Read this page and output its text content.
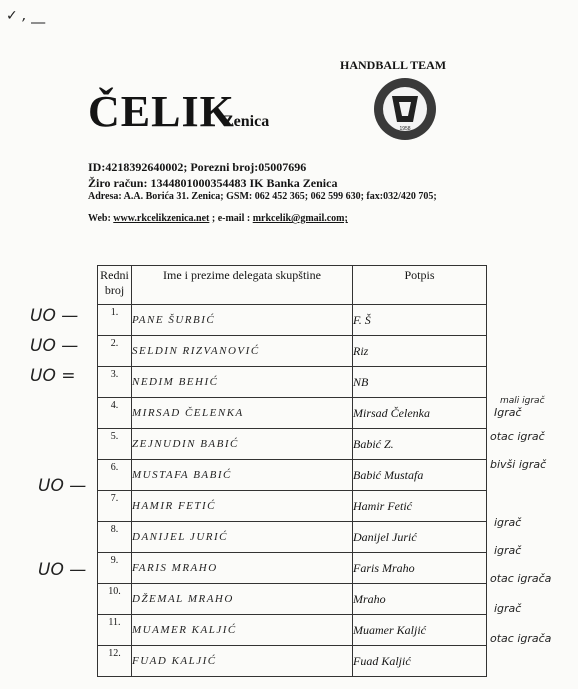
✓ , __
HANDBALL TEAM
ČELIK
Zenica	1958
ID:4218392640002; Porezni broj:05007696
Žiro račun: 1344801000354483 IK Banka Zenica
Adresa: A.A. Borića 31. Zenica; GSM: 062 452 365; 062 599 630; fax:032/420 705;
Web: www.rkcelikzenica.net ; e-mail : mrkcelik@gmail.com;
Redni
broj	Ime i prezime delegata skupštine	Potpis
1.	PANE ŠURBIĆ	F. Š
2.	SELDIN RIZVANOVIĆ	Riz
3.	NEDIM BEHIĆ	NB
4.	MIRSAD ČELENKA	Mirsad Čelenka
5.	ZEJNUDIN BABIĆ	Babić Z.
6.	MUSTAFA BABIĆ	Babić Mustafa
7.	HAMIR FETIĆ	Hamir Fetić
8.	DANIJEL JURIĆ	Danijel Jurić
9.	FARIS MRAHO	Faris Mraho
10.	DŽEMAL MRAHO	Mraho
11.	MUAMER KALJIĆ	Muamer Kaljić
12.	FUAD KALJIĆ	Fuad Kaljić
UO —
UO —
UO =
UO —
UO —
mali igrač
Igrač
otac igrač
bivši igrač
igrač
igrač
otac igrača
igrač
otac igrača
